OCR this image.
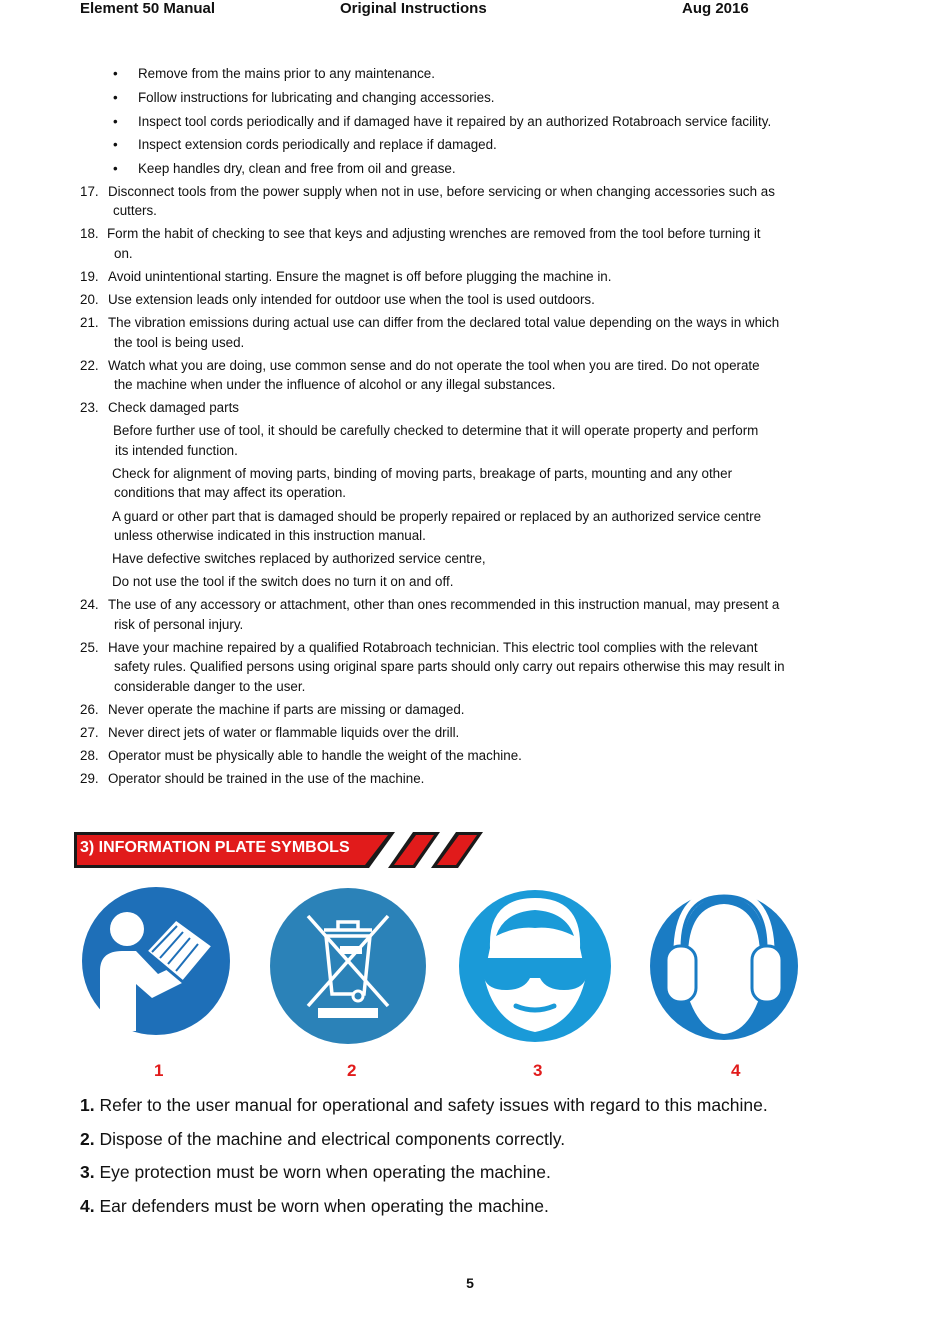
Element 50 Manual	Original Instructions	Aug 2016
• Remove from the mains prior to any maintenance.
• Follow instructions for lubricating and changing accessories.
• Inspect tool cords periodically and if damaged have it repaired by an authorized Rotabroach service facility.
• Inspect extension cords periodically and replace if damaged.
• Keep handles dry, clean and free from oil and grease.
17. Disconnect tools from the power supply when not in use, before servicing or when changing accessories such as
cutters.
18. Form the habit of checking to see that keys and adjusting wrenches are removed from the tool before turning it
on.
19. Avoid unintentional starting. Ensure the magnet is off before plugging the machine in.
20. Use extension leads only intended for outdoor use when the tool is used outdoors.
21. The vibration emissions during actual use can differ from the declared total value depending on the ways in which
the tool is being used.
22. Watch what you are doing, use common sense and do not operate the tool when you are tired. Do not operate
the machine when under the influence of alcohol or any illegal substances.
23. Check damaged parts
Before further use of tool, it should be carefully checked to determine that it will operate property and perform
its intended function.
Check for alignment of moving parts, binding of moving parts, breakage of parts, mounting and any other
conditions that may affect its operation.
A guard or other part that is damaged should be properly repaired or replaced by an authorized service centre
unless otherwise indicated in this instruction manual.
Have defective switches replaced by authorized service centre,
Do not use the tool if the switch does no turn it on and off.
24. The use of any accessory or attachment, other than ones recommended in this instruction manual, may present a
risk of personal injury.
25. Have your machine repaired by a qualified Rotabroach technician. This electric tool complies with the relevant
safety rules. Qualified persons using original spare parts should only carry out repairs otherwise this may result in
considerable danger to the user.
26. Never operate the machine if parts are missing or damaged.
27. Never direct jets of water or flammable liquids over the drill.
28. Operator must be physically able to handle the weight of the machine.
29. Operator should be trained in the use of the machine.
3) INFORMATION PLATE SYMBOLS
1	2	3	4
1. Refer to the user manual for operational and safety issues with regard to this machine.
2. Dispose of the machine and electrical components correctly.
3. Eye protection must be worn when operating the machine.
4. Ear defenders must be worn when operating the machine.
5
